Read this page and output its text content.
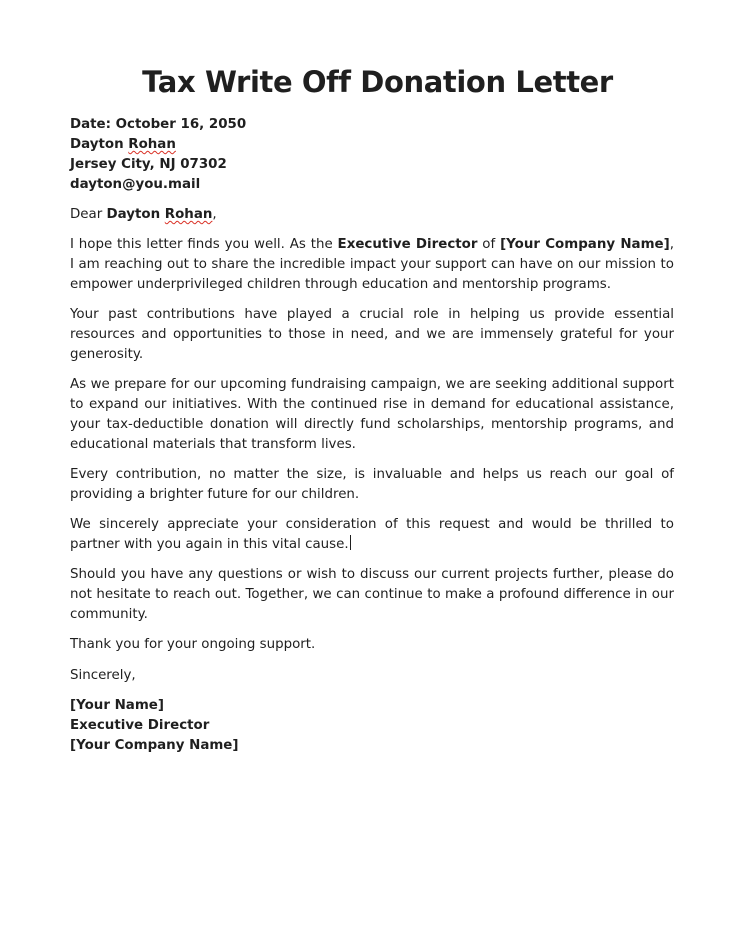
Tax Write Off Donation Letter
Date: October 16, 2050
Dayton Rohan
Jersey City, NJ 07302
dayton@you.mail
Dear Dayton Rohan,

I hope this letter finds you well. As the Executive Director of [Your Company Name], I am reaching out to share the incredible impact your support can have on our mission to empower underprivileged children through education and mentorship programs.

Your past contributions have played a crucial role in helping us provide essential resources and opportunities to those in need, and we are immensely grateful for your generosity.

As we prepare for our upcoming fundraising campaign, we are seeking additional support to expand our initiatives. With the continued rise in demand for educational assistance, your tax-deductible donation will directly fund scholarships, mentorship programs, and educational materials that transform lives.

Every contribution, no matter the size, is invaluable and helps us reach our goal of providing a brighter future for our children.

We sincerely appreciate your consideration of this request and would be thrilled to partner with you again in this vital cause.

Should you have any questions or wish to discuss our current projects further, please do not hesitate to reach out. Together, we can continue to make a profound difference in our community.

Thank you for your ongoing support.

Sincerely,
[Your Name]
Executive Director
[Your Company Name]
